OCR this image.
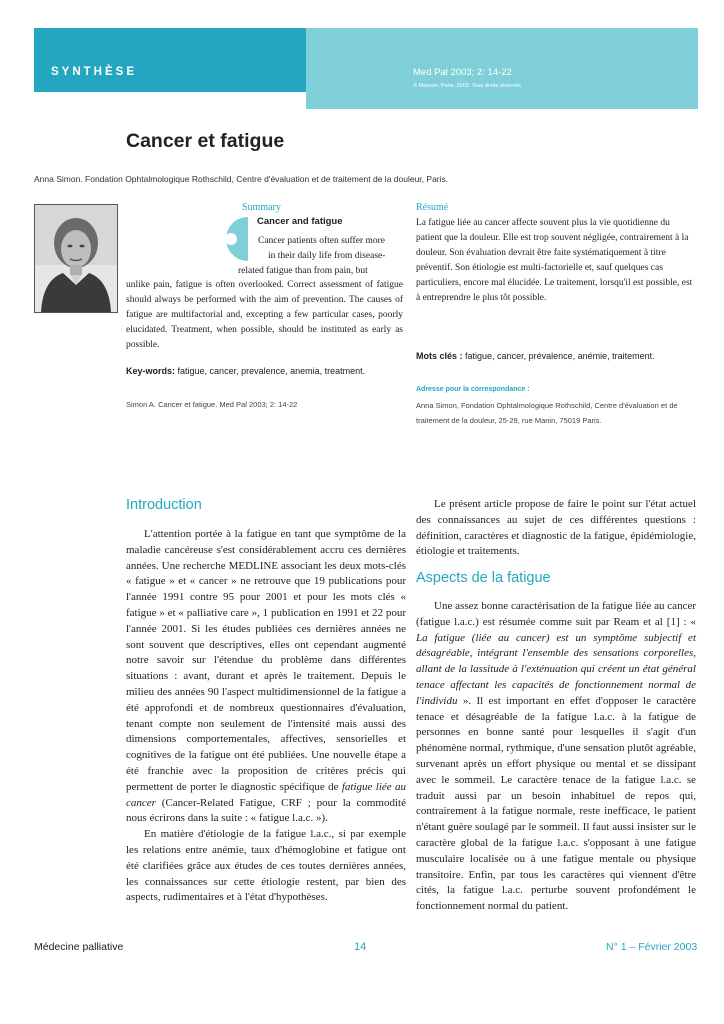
SYNTHÈSE	Med Pal 2003; 2: 14-22
© Masson, Paris, 2003. Tous droits réservés
Cancer et fatigue
Anna Simon. Fondation Ophtalmologique Rothschild, Centre d'évaluation et de traitement de la douleur, Paris.
Summary
Cancer and fatigue
Cancer patients often suffer more
in their daily life from disease-
related fatigue than from pain, but

unlike pain, fatigue is often overlooked. Correct assessment of fatigue should always be performed with the aim of prevention. The causes of fatigue are multifactorial and, excepting a few particular cases, poorly elucidated. Treatment, when possible, should be instituted as early as possible.

Key-words: fatigue, cancer, prevalence, anemia, treatment.
Simon A. Cancer et fatigue. Med Pal 2003; 2: 14-22
Résumé

La fatigue liée au cancer affecte souvent plus la vie quotidienne du patient que la douleur. Elle est trop souvent négligée, contrairement à la douleur. Son évaluation devrait être faite systématiquement à titre préventif. Son étiologie est multi-factorielle et, sauf quelques cas particuliers, encore mal élucidée. Le traitement, lorsqu'il est possible, est à entreprendre le plus tôt possible.

Mots clés : fatigue, cancer, prévalence, anémie, traitement.
Adresse pour la correspondance :
Anna Simon, Fondation Ophtalmologique Rothschild, Centre d'évaluation et de traitement de la douleur, 25-29, rue Manin, 75019 Paris.
Introduction

L'attention portée à la fatigue en tant que symptôme de la maladie cancéreuse s'est considérablement accru ces dernières années. Une recherche MEDLINE associant les deux mots-clés « fatigue » et « cancer » ne retrouve que 19 publications pour l'année 1991 contre 95 pour 2001 et pour les mots clés « fatigue » et « palliative care », 1 publication en 1991 et 22 pour l'année 2001. Si les études publiées ces dernières années ne sont souvent que descriptives, elles ont cependant augmenté notre savoir sur l'étendue du problème dans différentes situations : avant, durant et après le traitement. Depuis le milieu des années 90 l'aspect multidimensionnel de la fatigue a été approfondi et de nombreux questionnaires d'évaluation, tenant compte non seulement de l'intensité mais aussi des dimensions comportementales, affectives, sensorielles et cognitives de la fatigue ont été publiées. Une nouvelle étape a été franchie avec la proposition de critères précis qui permettent de porter le diagnostic spécifique de fatigue liée au cancer (Cancer-Related Fatigue, CRF ; pour la commodité nous écrirons dans la suite : « fatigue l.a.c. »).

En matière d'étiologie de la fatigue l.a.c., si par exemple les relations entre anémie, taux d'hémoglobine et fatigue ont été clarifiées grâce aux études de ces toutes dernières années, les connaissances sur cette étiologie restent, par bien des aspects, rudimentaires et à l'état d'hypothèses.

Le présent article propose de faire le point sur l'état actuel des connaissances au sujet de ces différentes questions : définition, caractères et diagnostic de la fatigue, épidémiologie, étiologie et traitements.

Aspects de la fatigue

Une assez bonne caractérisation de la fatigue liée au cancer (fatigue l.a.c.) est résumée comme suit par Ream et al [1] : « La fatigue (liée au cancer) est un symptôme subjectif et désagréable, intégrant l'ensemble des sensations corporelles, allant de la lassitude à l'exténuation qui créent un état général tenace affectant les capacités de fonctionnement normal de l'individu ». Il est important en effet d'opposer le caractère tenace et désagréable de la fatigue l.a.c. à la fatigue de personnes en bonne santé pour lesquelles il s'agit d'un phénomène normal, rythmique, d'une sensation plutôt agréable, survenant après un effort physique ou mental et se dissipant avec le sommeil. Le caractère tenace de la fatigue l.a.c. se traduit aussi par un besoin inhabituel de repos qui, contrairement à la fatigue normale, reste inefficace, le patient n'étant guère soulagé par le sommeil. Il faut aussi insister sur le caractère global de la fatigue l.a.c. s'opposant à une fatigue musculaire localisée ou à une fatigue mentale ou physique transitoire. Enfin, par tous les caractères qui viennent d'être cités, la fatigue l.a.c. perturbe souvent profondément le fonctionnement normal du patient.

Médecine palliative	14	N° 1 – Février 2003
